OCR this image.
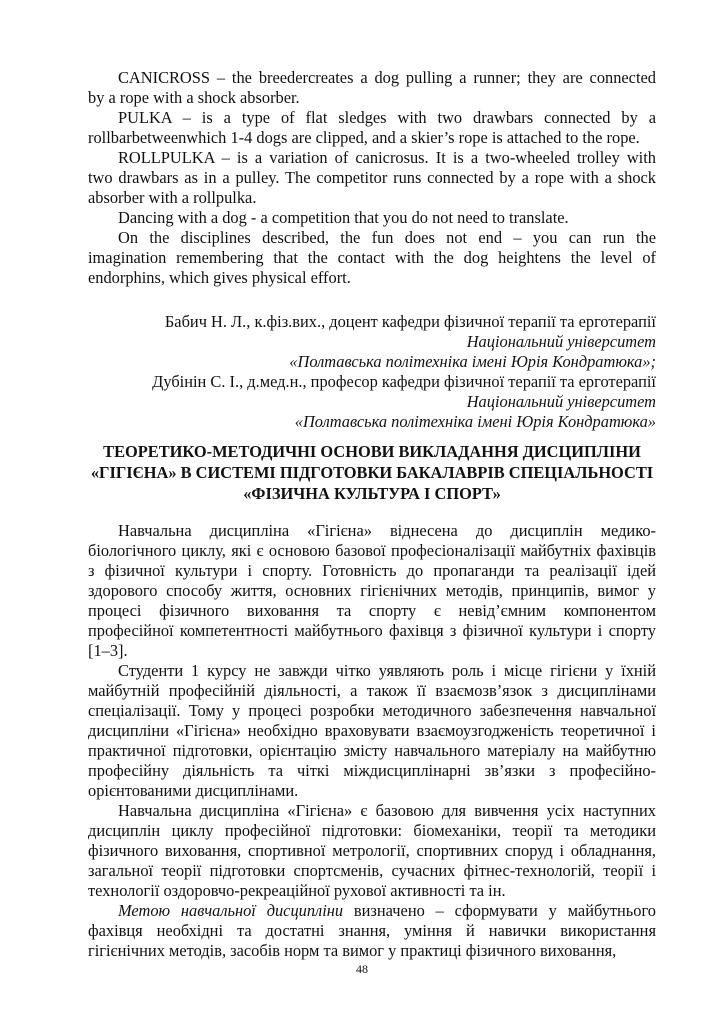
CANICROSS – the breedercreates a dog pulling a runner; they are connected
by a rope with a shock absorber.
PULKA – is a type of flat sledges with two drawbars connected by a
rollbarbetweenwhich 1-4 dogs are clipped, and a skier’s rope is attached to the rope.
ROLLPULKA – is a variation of canicrosus. It is a two-wheeled trolley with
two drawbars as in a pulley. The competitor runs connected by a rope with a shock
absorber with a rollpulka.
Dancing with a dog - a competition that you do not need to translate.
On the disciplines described, the fun does not end – you can run the
imagination remembering that the contact with the dog heightens the level of
endorphins, which gives physical effort.
Бабич Н. Л., к.фіз.вих., доцент кафедри фізичної терапії та ерготерапії
Національний університет
«Полтавська політехніка імені Юрія Кондратюка»;
Дубінін С. І., д.мед.н., професор кафедри фізичної терапії та ерготерапії
Національний університет
«Полтавська політехніка імені Юрія Кондратюка»
ТЕОРЕТИКО-МЕТОДИЧНІ ОСНОВИ ВИКЛАДАННЯ ДИСЦИПЛІНИ
«ГІГІЄНА» В СИСТЕМІ ПІДГОТОВКИ БАКАЛАВРІВ СПЕЦІАЛЬНОСТІ
«ФІЗИЧНА КУЛЬТУРА І СПОРТ»
Навчальна дисципліна «Гігієна» віднесена до дисциплін медико-
біологічного циклу, які є основою базової професіоналізації майбутніх фахівців
з фізичної культури і спорту. Готовність до пропаганди та реалізації ідей
здорового способу життя, основних гігієнічних методів, принципів, вимог у
процесі фізичного виховання та спорту є невід’ємним компонентом
професійної компетентності майбутнього фахівця з фізичної культури і спорту
[1–3].
Студенти 1 курсу не завжди чітко уявляють роль і місце гігієни у їхній
майбутній професійній діяльності, а також її взаємозв’язок з дисциплінами
спеціалізації. Тому у процесі розробки методичного забезпечення навчальної
дисципліни «Гігієна» необхідно враховувати взаємоузгодженість теоретичної і
практичної підготовки, орієнтацію змісту навчального матеріалу на майбутню
професійну діяльність та чіткі міждисциплінарні зв’язки з професійно-
орієнтованими дисциплінами.
Навчальна дисципліна «Гігієна» є базовою для вивчення усіх наступних
дисциплін циклу професійної підготовки: біомеханіки, теорії та методики
фізичного виховання, спортивної метрології, спортивних споруд і обладнання,
загальної теорії підготовки спортсменів, сучасних фітнес-технологій, теорії і
технології оздоровчо-рекреаційної рухової активності та ін.
Метою навчальної дисципліни визначено – сформувати у майбутнього
фахівця необхідні та достатні знання, уміння й навички використання
гігієнічних методів, засобів норм та вимог у практиці фізичного виховання,
48
